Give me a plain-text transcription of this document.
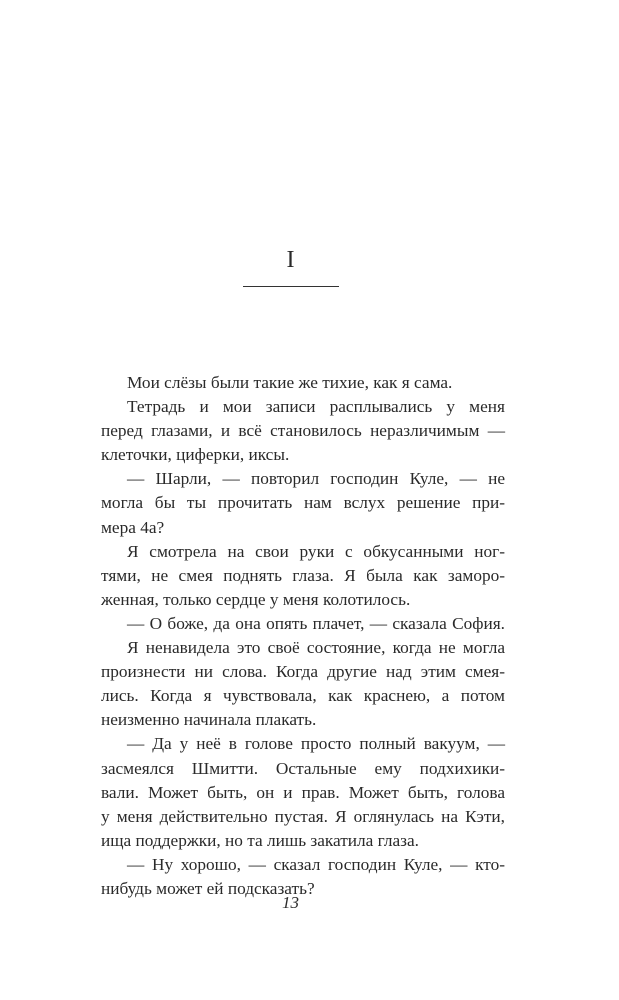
I
Мои слёзы были такие же тихие, как я сама.
Тетрадь и мои записи расплывались у меня
перед глазами, и всё становилось неразличимым —
клеточки, циферки, иксы.
— Шарли, — повторил господин Куле, — не
могла бы ты прочитать нам вслух решение при-
мера 4а?
Я смотрела на свои руки с обкусанными ног-
тями, не смея поднять глаза. Я была как заморо-
женная, только сердце у меня колотилось.
— О боже, да она опять плачет, — сказала София.
Я ненавидела это своё состояние, когда не могла
произнести ни слова. Когда другие над этим смея-
лись. Когда я чувствовала, как краснею, а потом
неизменно начинала плакать.
— Да у неё в голове просто полный вакуум, —
засмеялся Шмитти. Остальные ему подхихики-
вали. Может быть, он и прав. Может быть, голова
у меня действительно пустая. Я оглянулась на Кэти,
ища поддержки, но та лишь закатила глаза.
— Ну хорошо, — сказал господин Куле, — кто-
нибудь может ей подсказать?
13
